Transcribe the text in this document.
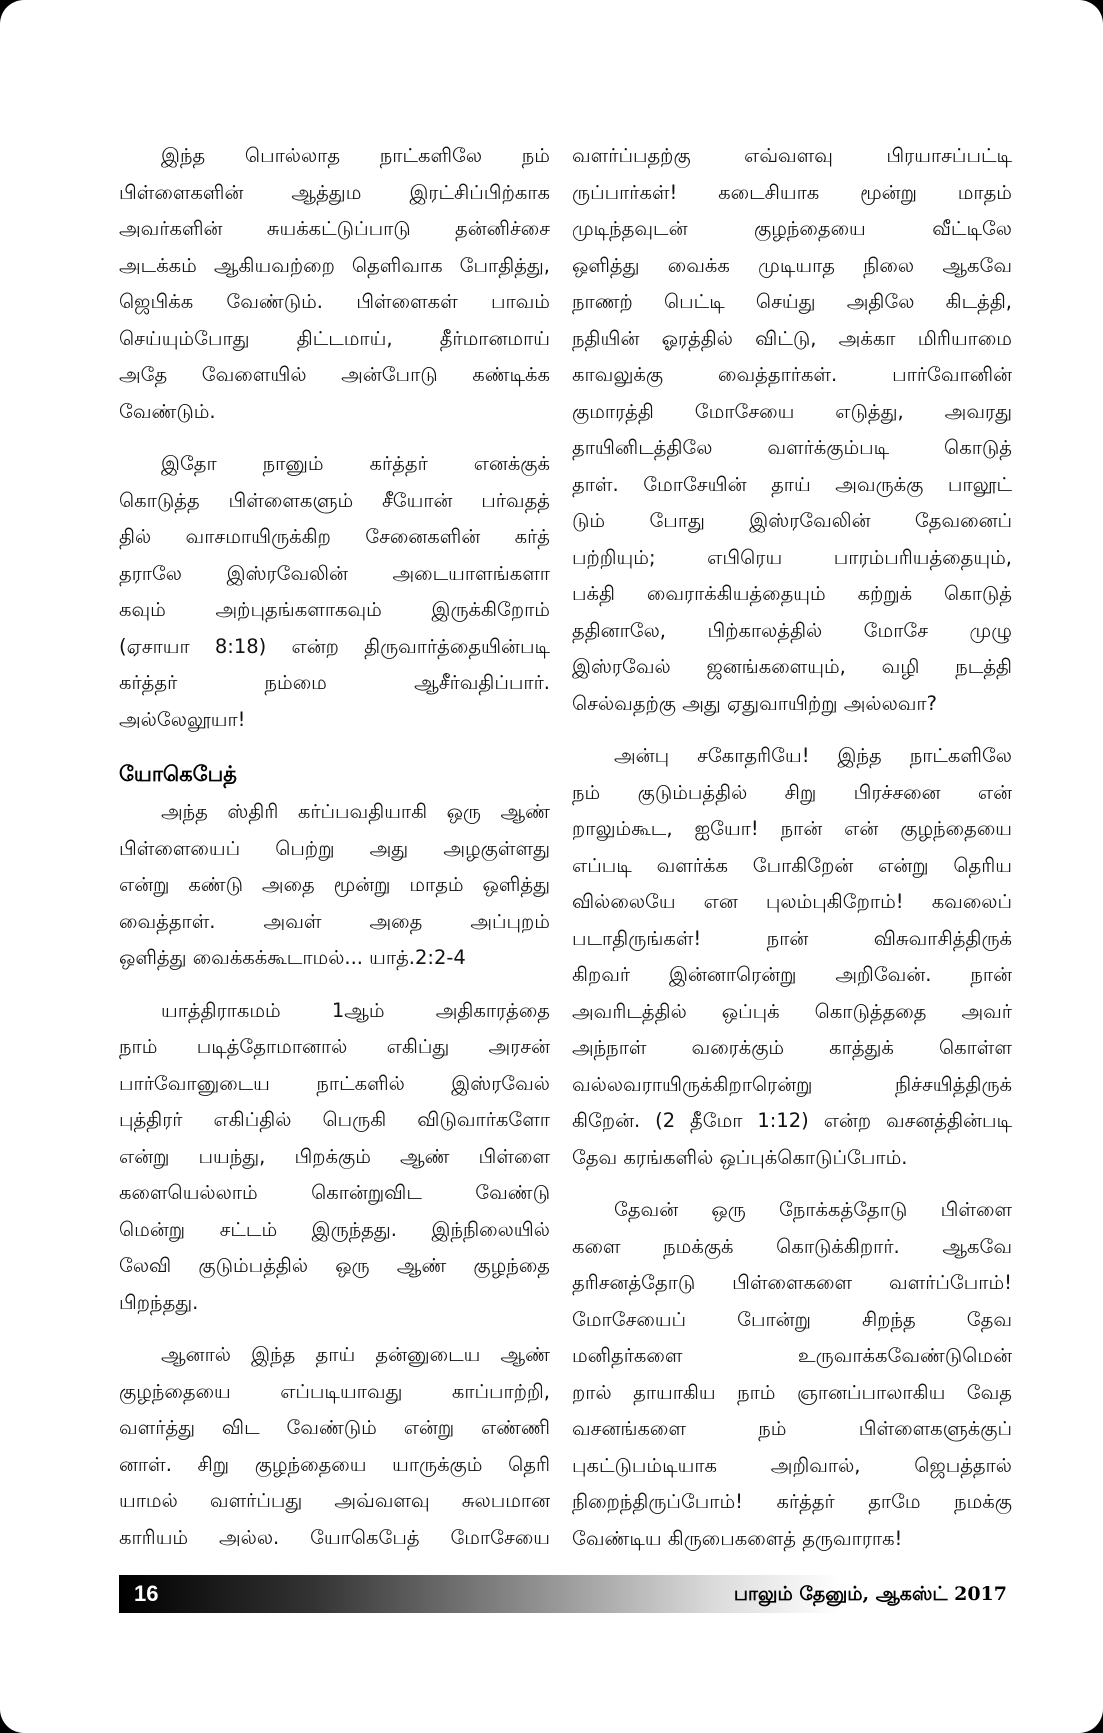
இந்த பொல்லாத நாட்களிலே நம்
பிள்ளைகளின் ஆத்தும இரட்சிப்பிற்காக
அவர்களின் சுயக்கட்டுப்பாடு தன்னிச்சை
அடக்கம் ஆகியவற்றை தெளிவாக போதித்து,
ஜெபிக்க வேண்டும். பிள்ளைகள் பாவம்
செய்யும்போது திட்டமாய், தீர்மானமாய்
அதே வேளையில் அன்போடு கண்டிக்க
வேண்டும்.
இதோ நானும் கர்த்தர் எனக்குக்
கொடுத்த பிள்ளைகளும் சீயோன் பர்வதத்
தில் வாசமாயிருக்கிற சேனைகளின் கர்த்
தராலே இஸ்ரவேலின் அடையாளங்களா
கவும் அற்புதங்களாகவும் இருக்கிறோம்
(ஏசாயா 8:18) என்ற திருவார்த்தையின்படி
கர்த்தர் நம்மை ஆசீர்வதிப்பார்.
அல்லேலூயா!
யோகெபேத்
அந்த ஸ்திரி கர்ப்பவதியாகி ஒரு ஆண்
பிள்ளையைப் பெற்று அது அழகுள்ளது
என்று கண்டு அதை மூன்று மாதம் ஒளித்து
வைத்தாள். அவள் அதை அப்புறம்
ஒளித்து வைக்கக்கூடாமல்... யாத்.2:2-4
யாத்திராகமம் 1ஆம் அதிகாரத்தை
நாம் படித்தோமானால் எகிப்து அரசன்
பார்வோனுடைய நாட்களில் இஸ்ரவேல்
புத்திரர் எகிப்தில் பெருகி விடுவார்களோ
என்று பயந்து, பிறக்கும் ஆண் பிள்ளை
களையெல்லாம் கொன்றுவிட வேண்டு
மென்று சட்டம் இருந்தது. இந்நிலையில்
லேவி குடும்பத்தில் ஒரு ஆண் குழந்தை
பிறந்தது.
ஆனால் இந்த தாய் தன்னுடைய ஆண்
குழந்தையை எப்படியாவது காப்பாற்றி,
வளர்த்து விட வேண்டும் என்று எண்ணி
னாள். சிறு குழந்தையை யாருக்கும் தெரி
யாமல் வளர்ப்பது அவ்வளவு சுலபமான
காரியம் அல்ல. யோகெபேத் மோசேயை
வளர்ப்பதற்கு எவ்வளவு பிரயாசப்பட்டி
ருப்பார்கள்! கடைசியாக மூன்று மாதம்
முடிந்தவுடன் குழந்தையை வீட்டிலே
ஒளித்து வைக்க முடியாத நிலை ஆகவே
நாணற் பெட்டி செய்து அதிலே கிடத்தி,
நதியின் ஓரத்தில் விட்டு, அக்கா மிரியாமை
காவலுக்கு வைத்தார்கள். பார்வோனின்
குமாரத்தி மோசேயை எடுத்து, அவரது
தாயினிடத்திலே வளர்க்கும்படி கொடுத்
தாள். மோசேயின் தாய் அவருக்கு பாலூட்
டும் போது இஸ்ரவேலின் தேவனைப்
பற்றியும்; எபிரெய பாரம்பரியத்தையும்,
பக்தி வைராக்கியத்தையும் கற்றுக் கொடுத்
ததினாலே, பிற்காலத்தில் மோசே முழு
இஸ்ரவேல் ஜனங்களையும், வழி நடத்தி
செல்வதற்கு அது ஏதுவாயிற்று அல்லவா?
அன்பு சகோதரியே! இந்த நாட்களிலே
நம் குடும்பத்தில் சிறு பிரச்சனை என்
றாலும்கூட, ஐயோ! நான் என் குழந்தையை
எப்படி வளர்க்க போகிறேன் என்று தெரிய
வில்லையே என புலம்புகிறோம்! கவலைப்
படாதிருங்கள்! நான் விசுவாசித்திருக்
கிறவர் இன்னாரென்று அறிவேன். நான்
அவரிடத்தில் ஒப்புக் கொடுத்ததை அவர்
அந்நாள் வரைக்கும் காத்துக் கொள்ள
வல்லவராயிருக்கிறாரென்று நிச்சயித்திருக்
கிறேன். (2 தீமோ 1:12) என்ற வசனத்தின்படி
தேவ கரங்களில் ஒப்புக்கொடுப்போம்.
தேவன் ஒரு நோக்கத்தோடு பிள்ளை
களை நமக்குக் கொடுக்கிறார். ஆகவே
தரிசனத்தோடு பிள்ளைகளை வளர்ப்போம்!
மோசேயைப் போன்று சிறந்த தேவ
மனிதர்களை உருவாக்கவேண்டுமென்
றால் தாயாகிய நாம் ஞானப்பாலாகிய வேத
வசனங்களை நம் பிள்ளைகளுக்குப்
புகட்டுபம்டியாக அறிவால், ஜெபத்தால்
நிறைந்திருப்போம்! கர்த்தர் தாமே நமக்கு
வேண்டிய கிருபைகளைத் தருவாராக!
16	பாலும் தேனும், ஆகஸ்ட் 2017
